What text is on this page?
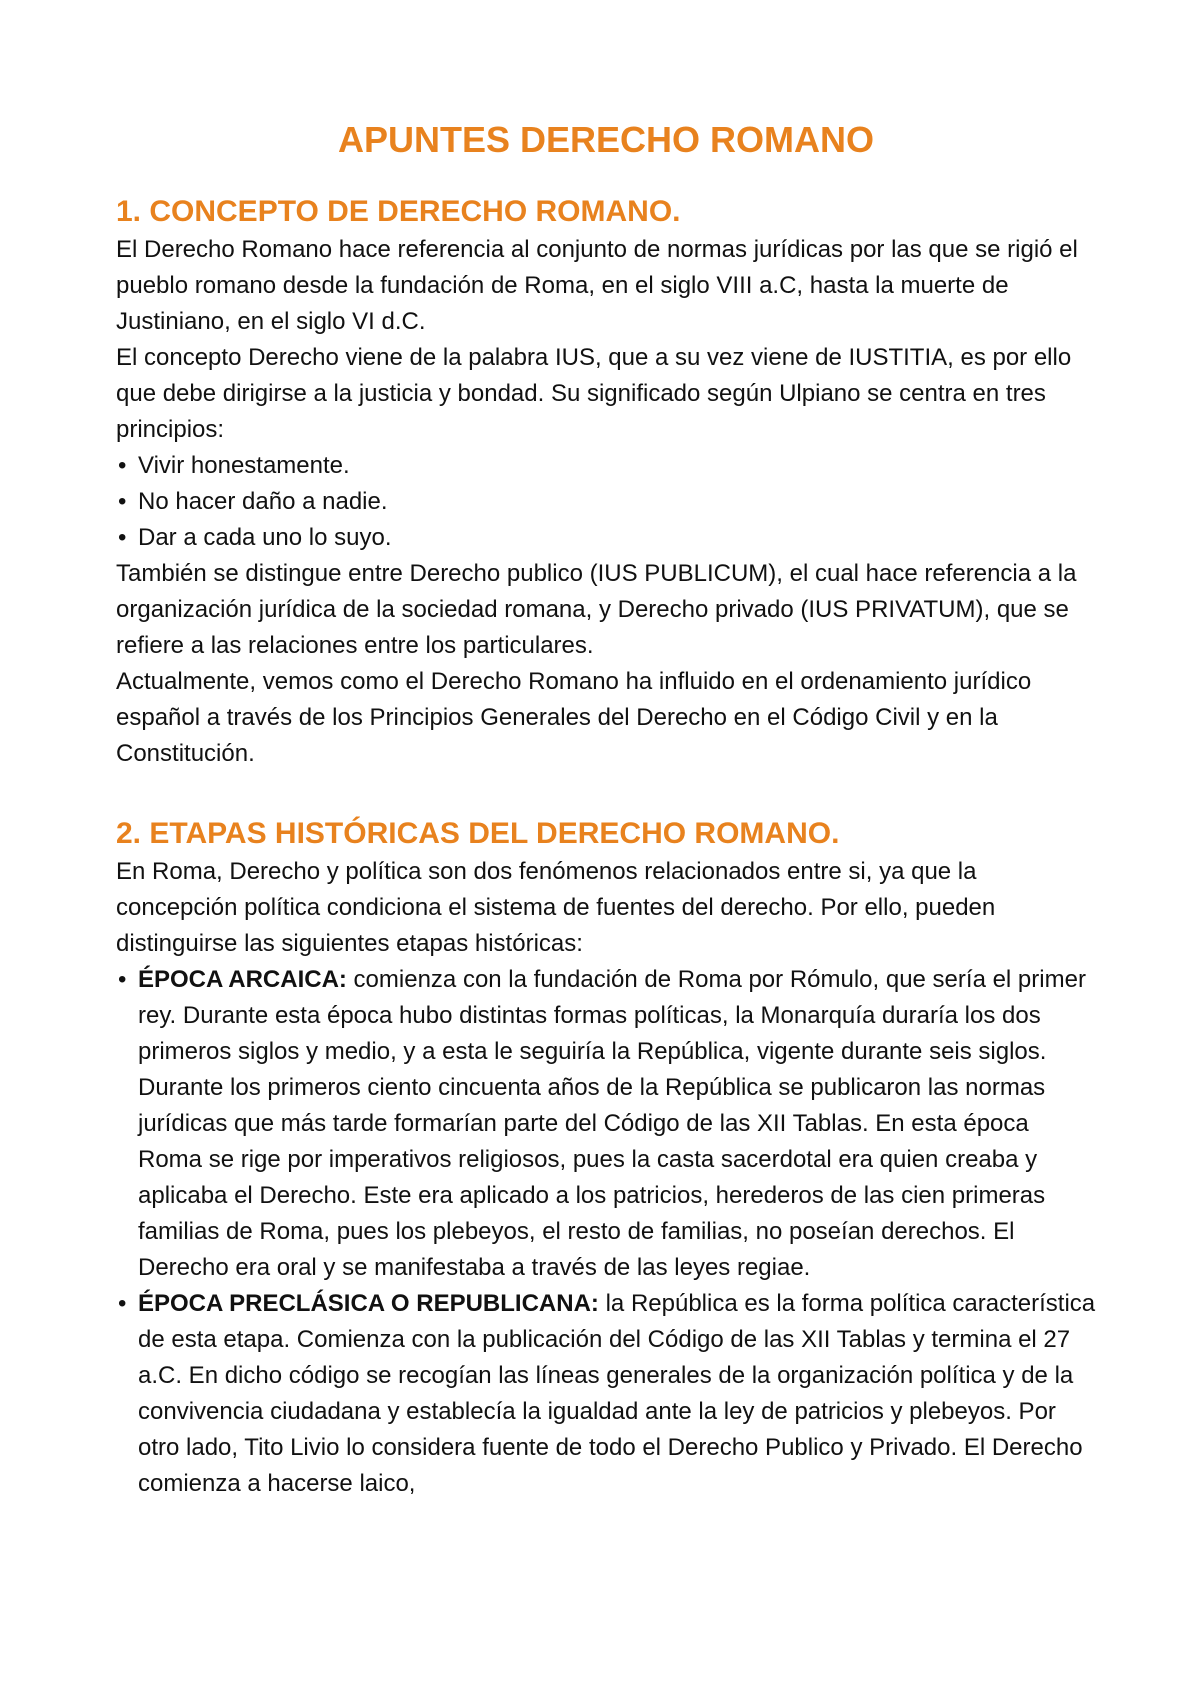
APUNTES DERECHO ROMANO
1. CONCEPTO DE DERECHO ROMANO.

El Derecho Romano hace referencia al conjunto de normas jurídicas por las que se rigió el pueblo romano desde la fundación de Roma, en el siglo VIII a.C, hasta la muerte de Justiniano, en el siglo VI d.C.

El concepto Derecho viene de la palabra IUS, que a su vez viene de IUSTITIA, es por ello que debe dirigirse a la justicia y bondad. Su significado según Ulpiano se centra en tres principios:

• Vivir honestamente.
• No hacer daño a nadie.
• Dar a cada uno lo suyo.

También se distingue entre Derecho publico (IUS PUBLICUM), el cual hace referencia a la organización jurídica de la sociedad romana, y Derecho privado (IUS PRIVATUM), que se refiere a las relaciones entre los particulares.

Actualmente, vemos como el Derecho Romano ha influido en el ordenamiento jurídico español a través de los Principios Generales del Derecho en el Código Civil y en la Constitución.

2. ETAPAS HISTÓRICAS DEL DERECHO ROMANO.

En Roma, Derecho y política son dos fenómenos relacionados entre si, ya que la concepción política condiciona el sistema de fuentes del derecho. Por ello, pueden distinguirse las siguientes etapas históricas:

• ÉPOCA ARCAICA: comienza con la fundación de Roma por Rómulo, que sería el primer rey. Durante esta época hubo distintas formas políticas, la Monarquía duraría los dos primeros siglos y medio, y a esta le seguiría la República, vigente durante seis siglos. Durante los primeros ciento cincuenta años de la República se publicaron las normas jurídicas que más tarde formarían parte del Código de las XII Tablas. En esta época Roma se rige por imperativos religiosos, pues la casta sacerdotal era quien creaba y aplicaba el Derecho. Este era aplicado a los patricios, herederos de las cien primeras familias de Roma, pues los plebeyos, el resto de familias, no poseían derechos. El Derecho era oral y se manifestaba a través de las leyes regiae.
• ÉPOCA PRECLÁSICA O REPUBLICANA: la República es la forma política característica de esta etapa. Comienza con la publicación del Código de las XII Tablas y termina el 27 a.C. En dicho código se recogían las líneas generales de la organización política y de la convivencia ciudadana y establecía la igualdad ante la ley de patricios y plebeyos. Por otro lado, Tito Livio lo considera fuente de todo el Derecho Publico y Privado. El Derecho comienza a hacerse laico,
